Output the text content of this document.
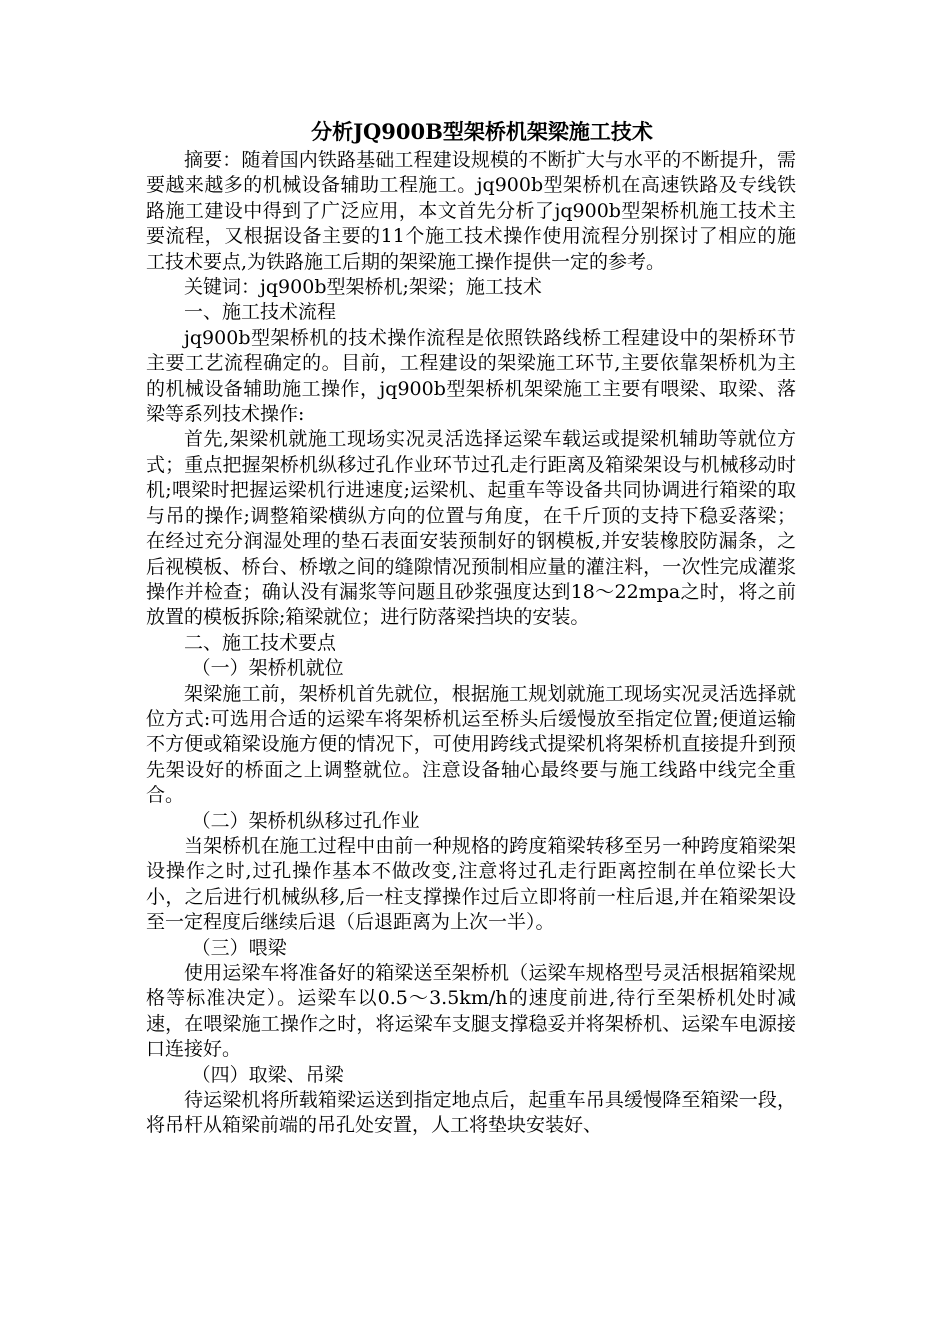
分析JQ900B型架桥机架梁施工技术

摘要：随着国内铁路基础工程建设规模的不断扩大与水平的不断提升，需要越来越多的机械设备辅助工程施工。jq900b型架桥机在高速铁路及专线铁路施工建设中得到了广泛应用，本文首先分析了jq900b型架桥机施工技术主要流程，又根据设备主要的11个施工技术操作使用流程分别探讨了相应的施工技术要点,为铁路施工后期的架梁施工操作提供一定的参考。

关键词：jq900b型架桥机;架梁；施工技术

一、施工技术流程

jq900b型架桥机的技术操作流程是依照铁路线桥工程建设中的架桥环节主要工艺流程确定的。目前，工程建设的架梁施工环节,主要依靠架桥机为主的机械设备辅助施工操作，jq900b型架桥机架梁施工主要有喂梁、取梁、落梁等系列技术操作:

首先,架梁机就施工现场实况灵活选择运梁车载运或提梁机辅助等就位方式；重点把握架桥机纵移过孔作业环节过孔走行距离及箱梁架设与机械移动时机;喂梁时把握运梁机行进速度;运梁机、起重车等设备共同协调进行箱梁的取与吊的操作;调整箱梁横纵方向的位置与角度，在千斤顶的支持下稳妥落梁；在经过充分润湿处理的垫石表面安装预制好的钢模板,并安装橡胶防漏条，之后视模板、桥台、桥墩之间的缝隙情况预制相应量的灌注料，一次性完成灌浆操作并检查；确认没有漏浆等问题且砂浆强度达到18～22mpa之时，将之前放置的模板拆除;箱梁就位；进行防落梁挡块的安装。

二、施工技术要点

（一）架桥机就位

架梁施工前，架桥机首先就位，根据施工规划就施工现场实况灵活选择就位方式:可选用合适的运梁车将架桥机运至桥头后缓慢放至指定位置;便道运输不方便或箱梁设施方便的情况下，可使用跨线式提梁机将架桥机直接提升到预先架设好的桥面之上调整就位。注意设备轴心最终要与施工线路中线完全重合。

（二）架桥机纵移过孔作业

当架桥机在施工过程中由前一种规格的跨度箱梁转移至另一种跨度箱梁架设操作之时,过孔操作基本不做改变,注意将过孔走行距离控制在单位梁长大小，之后进行机械纵移,后一柱支撑操作过后立即将前一柱后退,并在箱梁架设至一定程度后继续后退（后退距离为上次一半）。

（三）喂梁

使用运梁车将准备好的箱梁送至架桥机（运梁车规格型号灵活根据箱梁规格等标准决定）。运梁车以0.5～3.5km/h的速度前进,待行至架桥机处时减速，在喂梁施工操作之时，将运梁车支腿支撑稳妥并将架桥机、运梁车电源接口连接好。

（四）取梁、吊梁

待运梁机将所载箱梁运送到指定地点后，起重车吊具缓慢降至箱梁一段，将吊杆从箱梁前端的吊孔处安置，人工将垫块安装好、
